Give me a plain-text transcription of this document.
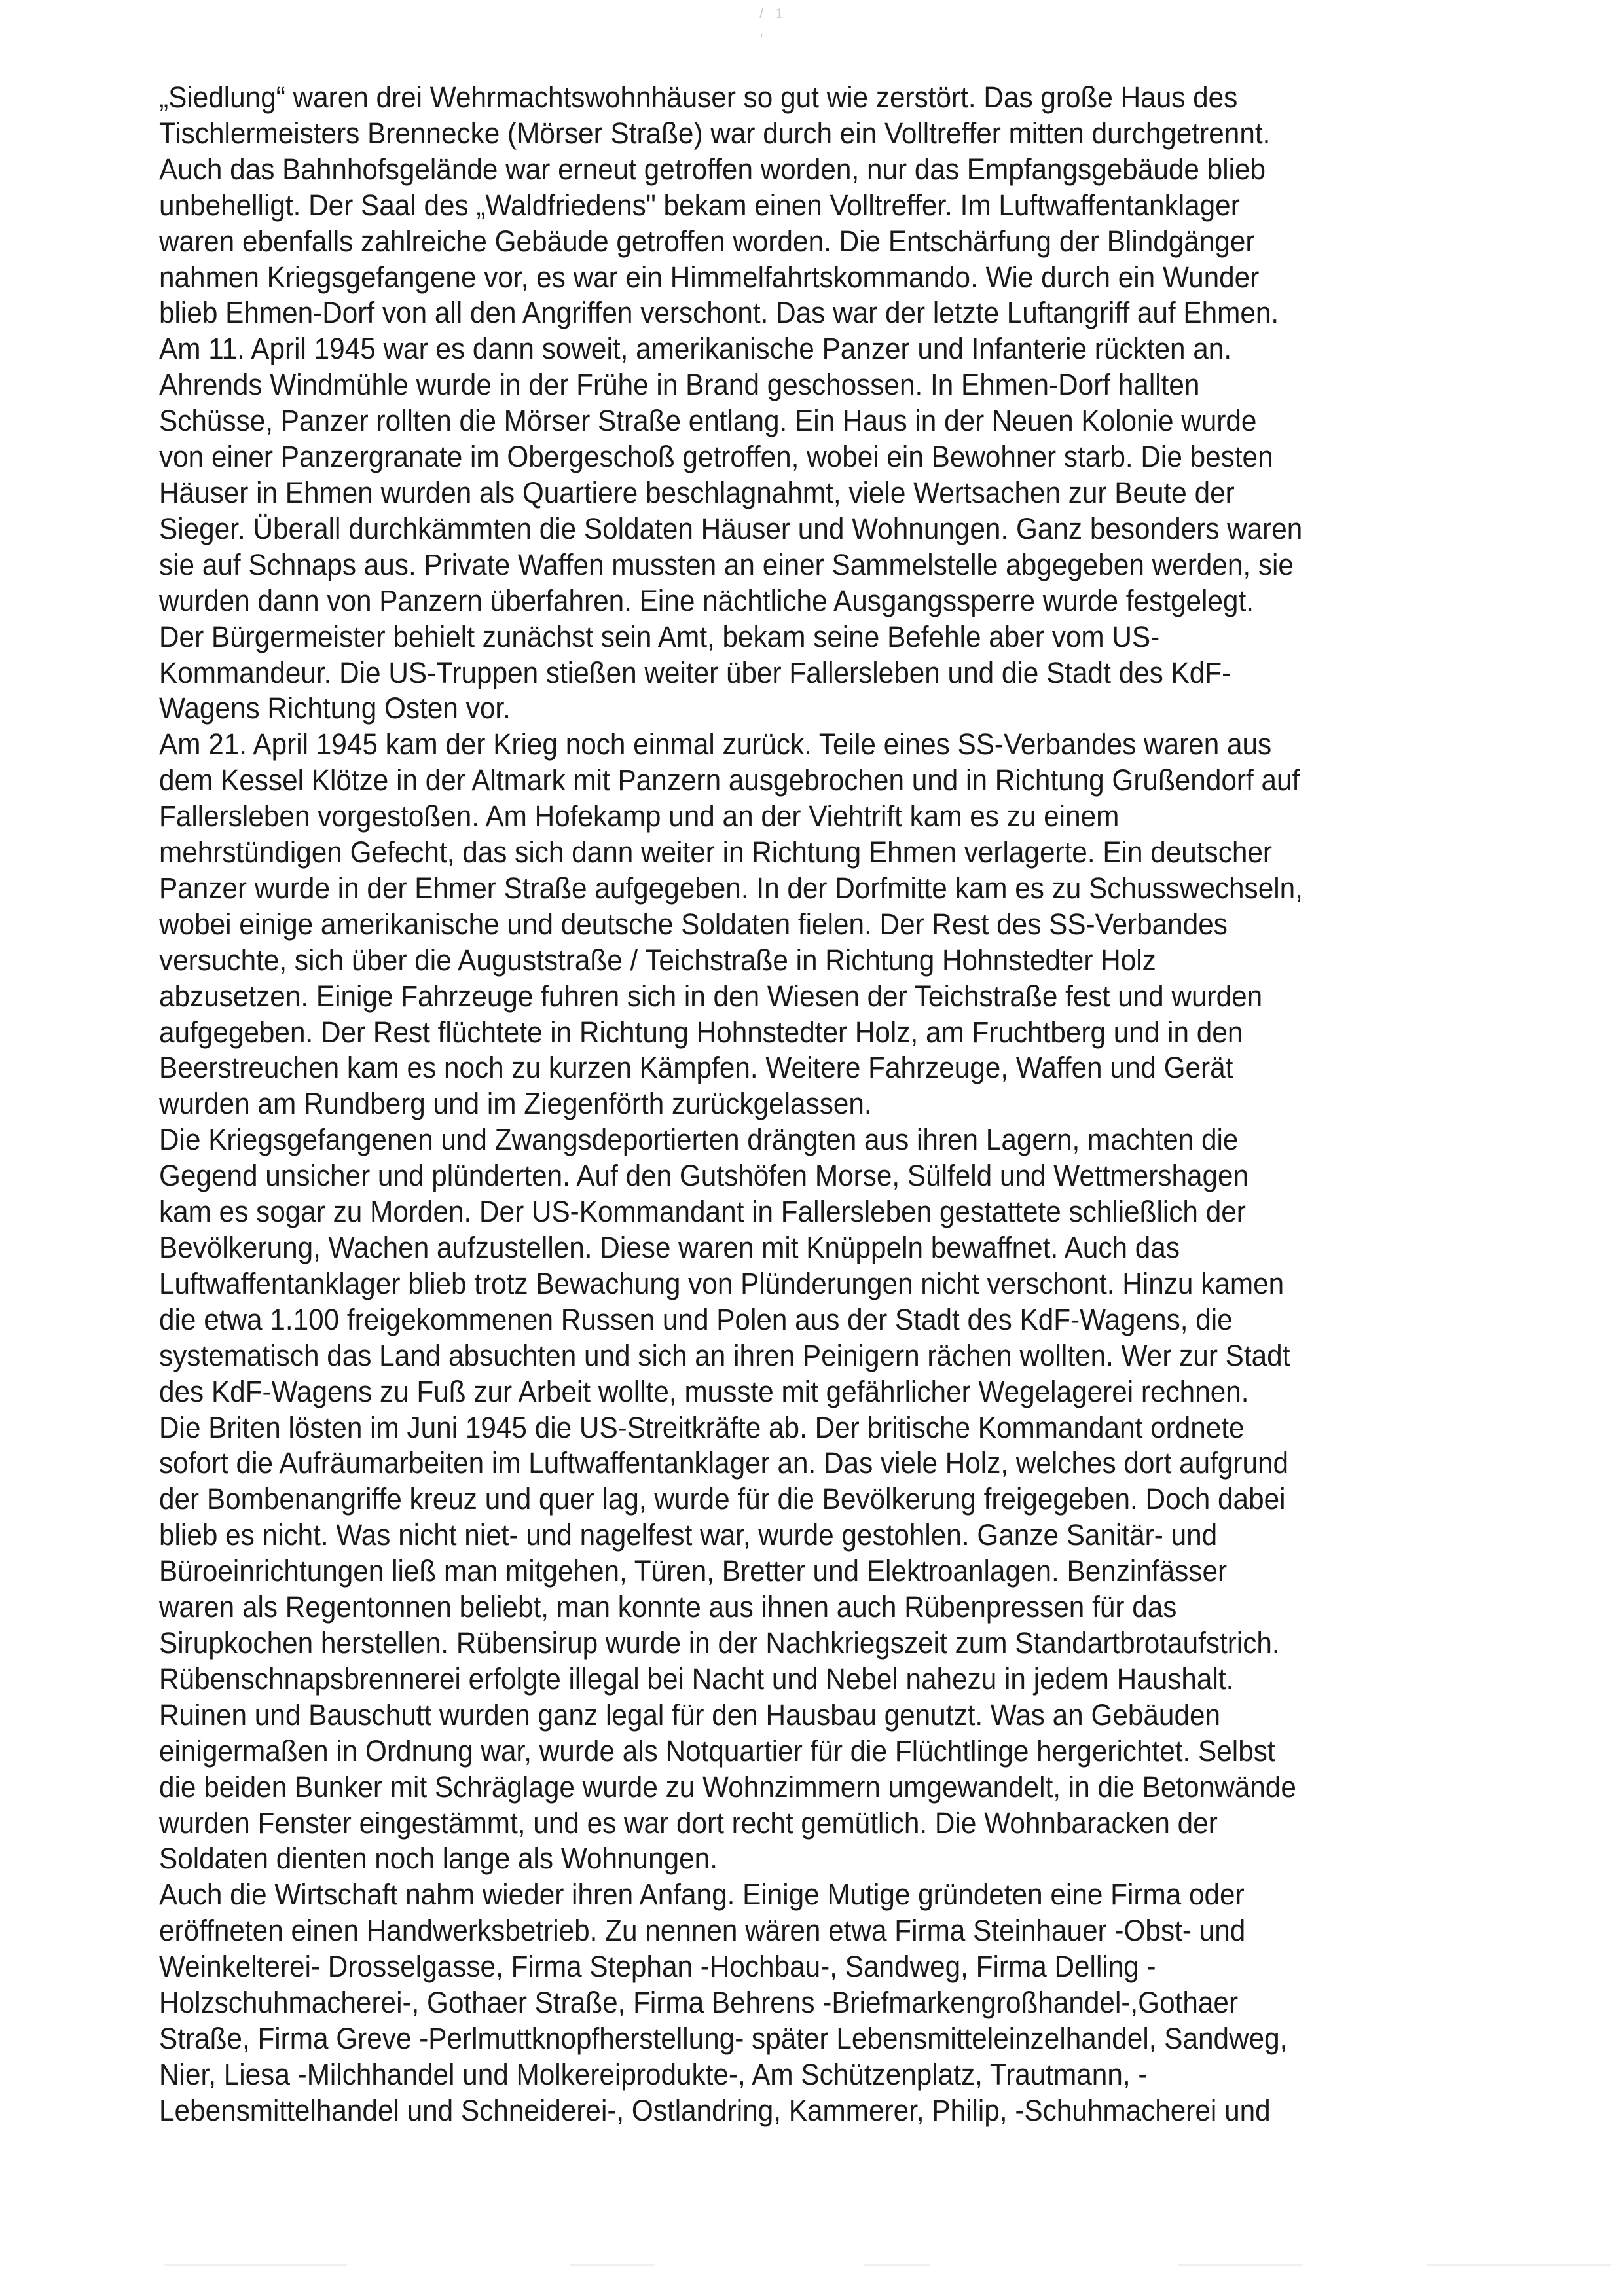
/ 1 ,
„Siedlung“ waren drei Wehrmachtswohnhäuser so gut wie zerstört. Das große Haus des
Tischlermeisters Brennecke (Mörser Straße) war durch ein Volltreffer mitten durchgetrennt.
Auch das Bahnhofsgelände war erneut getroffen worden, nur das Empfangsgebäude blieb
unbehelligt. Der Saal des „Waldfriedens" bekam einen Volltreffer. Im Luftwaffentanklager
waren ebenfalls zahlreiche Gebäude getroffen worden. Die Entschärfung der Blindgänger
nahmen Kriegsgefangene vor, es war ein Himmelfahrtskommando. Wie durch ein Wunder
blieb Ehmen-Dorf von all den Angriffen verschont. Das war der letzte Luftangriff auf Ehmen.
Am 11. April 1945 war es dann soweit, amerikanische Panzer und Infanterie rückten an.
Ahrends Windmühle wurde in der Frühe in Brand geschossen. In Ehmen-Dorf hallten
Schüsse, Panzer rollten die Mörser Straße entlang. Ein Haus in der Neuen Kolonie wurde
von einer Panzergranate im Obergeschoß getroffen, wobei ein Bewohner starb. Die besten
Häuser in Ehmen wurden als Quartiere beschlagnahmt, viele Wertsachen zur Beute der
Sieger. Überall durchkämmten die Soldaten Häuser und Wohnungen. Ganz besonders waren
sie auf Schnaps aus. Private Waffen mussten an einer Sammelstelle abgegeben werden, sie
wurden dann von Panzern überfahren. Eine nächtliche Ausgangssperre wurde festgelegt.
Der Bürgermeister behielt zunächst sein Amt, bekam seine Befehle aber vom US-
Kommandeur. Die US-Truppen stießen weiter über Fallersleben und die Stadt des KdF-
Wagens Richtung Osten vor.
Am 21. April 1945 kam der Krieg noch einmal zurück. Teile eines SS-Verbandes waren aus
dem Kessel Klötze in der Altmark mit Panzern ausgebrochen und in Richtung Grußendorf auf
Fallersleben vorgestoßen. Am Hofekamp und an der Viehtrift kam es zu einem
mehrstündigen Gefecht, das sich dann weiter in Richtung Ehmen verlagerte. Ein deutscher
Panzer wurde in der Ehmer Straße aufgegeben. In der Dorfmitte kam es zu Schusswechseln,
wobei einige amerikanische und deutsche Soldaten fielen. Der Rest des SS-Verbandes
versuchte, sich über die Auguststraße / Teichstraße in Richtung Hohnstedter Holz
abzusetzen. Einige Fahrzeuge fuhren sich in den Wiesen der Teichstraße fest und wurden
aufgegeben. Der Rest flüchtete in Richtung Hohnstedter Holz, am Fruchtberg und in den
Beerstreuchen kam es noch zu kurzen Kämpfen. Weitere Fahrzeuge, Waffen und Gerät
wurden am Rundberg und im Ziegenförth zurückgelassen.
Die Kriegsgefangenen und Zwangsdeportierten drängten aus ihren Lagern, machten die
Gegend unsicher und plünderten. Auf den Gutshöfen Morse, Sülfeld und Wettmershagen
kam es sogar zu Morden. Der US-Kommandant in Fallersleben gestattete schließlich der
Bevölkerung, Wachen aufzustellen. Diese waren mit Knüppeln bewaffnet. Auch das
Luftwaffentanklager blieb trotz Bewachung von Plünderungen nicht verschont. Hinzu kamen
die etwa 1.100 freigekommenen Russen und Polen aus der Stadt des KdF-Wagens, die
systematisch das Land absuchten und sich an ihren Peinigern rächen wollten. Wer zur Stadt
des KdF-Wagens zu Fuß zur Arbeit wollte, musste mit gefährlicher Wegelagerei rechnen.
Die Briten lösten im Juni 1945 die US-Streitkräfte ab. Der britische Kommandant ordnete
sofort die Aufräumarbeiten im Luftwaffentanklager an. Das viele Holz, welches dort aufgrund
der Bombenangriffe kreuz und quer lag, wurde für die Bevölkerung freigegeben. Doch dabei
blieb es nicht. Was nicht niet- und nagelfest war, wurde gestohlen. Ganze Sanitär- und
Büroeinrichtungen ließ man mitgehen, Türen, Bretter und Elektroanlagen. Benzinfässer
waren als Regentonnen beliebt, man konnte aus ihnen auch Rübenpressen für das
Sirupkochen herstellen. Rübensirup wurde in der Nachkriegszeit zum Standartbrotaufstrich.
Rübenschnapsbrennerei erfolgte illegal bei Nacht und Nebel nahezu in jedem Haushalt.
Ruinen und Bauschutt wurden ganz legal für den Hausbau genutzt. Was an Gebäuden
einigermaßen in Ordnung war, wurde als Notquartier für die Flüchtlinge hergerichtet. Selbst
die beiden Bunker mit Schräglage wurde zu Wohnzimmern umgewandelt, in die Betonwände
wurden Fenster eingestämmt, und es war dort recht gemütlich. Die Wohnbaracken der
Soldaten dienten noch lange als Wohnungen.
Auch die Wirtschaft nahm wieder ihren Anfang. Einige Mutige gründeten eine Firma oder
eröffneten einen Handwerksbetrieb. Zu nennen wären etwa Firma Steinhauer -Obst- und
Weinkelterei- Drosselgasse, Firma Stephan -Hochbau-, Sandweg, Firma Delling -
Holzschuhmacherei-, Gothaer Straße, Firma Behrens -Briefmarkengroßhandel-,Gothaer
Straße, Firma Greve -Perlmuttknopfherstellung- später Lebensmitteleinzelhandel, Sandweg,
Nier, Liesa -Milchhandel und Molkereiprodukte-, Am Schützenplatz, Trautmann, -
Lebensmittelhandel und Schneiderei-, Ostlandring, Kammerer, Philip, -Schuhmacherei und
